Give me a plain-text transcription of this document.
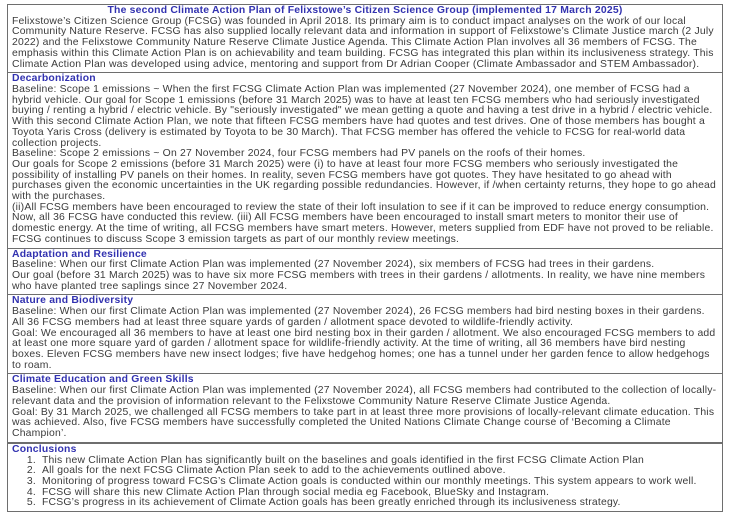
The second Climate Action Plan of Felixstowe’s Citizen Science Group (implemented 17 March 2025)

Felixstowe’s Citizen Science Group (FCSG) was founded in April 2018. Its primary aim is to conduct impact analyses on the work of our local Community Nature Reserve. FCSG has also supplied locally relevant data and information in support of Felixstowe’s Climate Justice march (2 July 2022) and the Felixstowe Community Nature Reserve Climate Justice Agenda. This Climate Action Plan involves all 36 members of FCSG. The emphasis within this Climate Action Plan is on achievability and team building. FCSG has integrated this plan within its inclusiveness strategy. This Climate Action Plan was developed using advice, mentoring and support from Dr Adrian Cooper (Climate Ambassador and STEM Ambassador).

Decarbonization

Baseline: Scope 1 emissions ~ When the first FCSG Climate Action Plan was implemented (27 November 2024), one member of FCSG had a hybrid vehicle. Our goal for Scope 1 emissions (before 31 March 2025) was to have at least ten FCSG members who had seriously investigated buying / renting a hybrid / electric vehicle. By "seriously investigated" we mean getting a quote and having a test drive in a hybrid / electric vehicle. With this second Climate Action Plan, we note that fifteen FCSG members have had quotes and test drives. One of those members has bought a Toyota Yaris Cross (delivery is estimated by Toyota to be 30 March). That FCSG member has offered the vehicle to FCSG for real-world data collection projects.

Baseline: Scope 2 emissions ~ On 27 November 2024, four FCSG members had PV panels on the roofs of their homes.

Our goals for Scope 2 emissions (before 31 March 2025) were (i) to have at least four more FCSG members who seriously investigated the possibility of installing PV panels on their homes. In reality, seven FCSG members have got quotes. They have hesitated to go ahead with purchases given the economic uncertainties in the UK regarding possible redundancies. However, if /when certainty returns, they hope to go ahead with the purchases.

(ii)All FCSG members have been encouraged to review the state of their loft insulation to see if it can be improved to reduce energy consumption. Now, all 36 FCSG have conducted this review. (iii) All FCSG members have been encouraged to install smart meters to monitor their use of domestic energy. At the time of writing, all FCSG members have smart meters. However, meters supplied from EDF have not proved to be reliable.

FCSG continues to discuss Scope 3 emission targets as part of our monthly review meetings.

Adaptation and Resilience

Baseline: When our first Climate Action Plan was implemented (27 November 2024), six members of FCSG had trees in their gardens.

Our goal (before 31 March 2025) was to have six more FCSG members with trees in their gardens / allotments. In reality, we have nine members who have planted tree saplings since 27 November 2024.

Nature and Biodiversity

Baseline: When our first Climate Action Plan was implemented (27 November 2024), 26 FCSG members had bird nesting boxes in their gardens. All 36 FCSG members had at least three square yards of garden / allotment space devoted to wildlife-friendly activity.

Goal: We encouraged all 36 members to have at least one bird nesting box in their garden / allotment. We also encouraged FCSG members to add at least one more square yard of garden / allotment space for wildlife-friendly activity. At the time of writing, all 36 members have bird nesting boxes. Eleven FCSG members have new insect lodges; five have hedgehog homes; one has a tunnel under her garden fence to allow hedgehogs to roam.

Climate Education and Green Skills

Baseline: When our first Climate Action Plan was implemented (27 November 2024), all FCSG members had contributed to the collection of locally-relevant data and the provision of information relevant to the Felixstowe Community Nature Reserve Climate Justice Agenda.

Goal: By 31 March 2025, we challenged all FCSG members to take part in at least three more provisions of locally-relevant climate education. This was achieved. Also, five FCSG members have successfully completed the United Nations Climate Change course of ‘Becoming a Climate Champion’.

Conclusions
1. This new Climate Action Plan has significantly built on the baselines and goals identified in the first FCSG Climate Action Plan
2. All goals for the next FCSG Climate Action Plan seek to add to the achievements outlined above.
3. Monitoring of progress toward FCSG’s Climate Action goals is conducted within our monthly meetings. This system appears to work well.
4. FCSG will share this new Climate Action Plan through social media eg Facebook, BlueSky and Instagram.
5. FCSG’s progress in its achievement of Climate Action goals has been greatly enriched through its inclusiveness strategy.
